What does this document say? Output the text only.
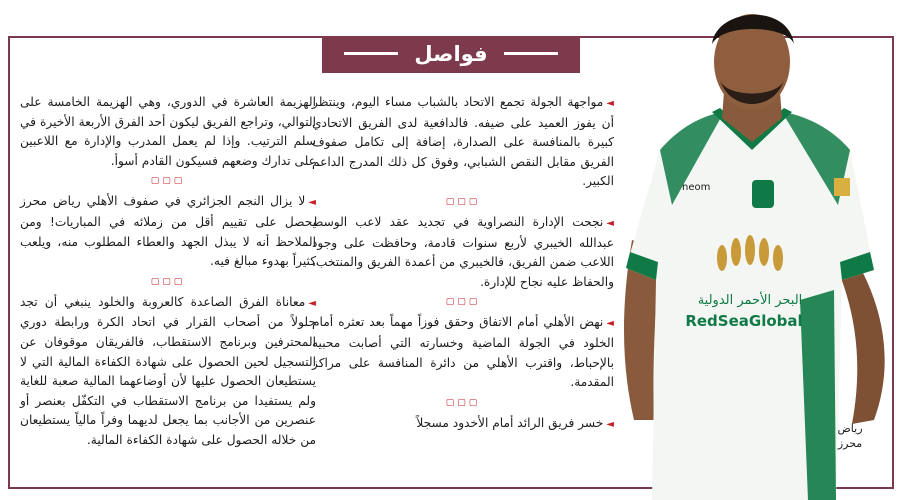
فواصل

◄مواجهة الجولة تجمع الاتحاد بالشباب مساء اليوم، وينتظر أن يفوز العميد على ضيفه. فالدافعية لدى الفريق الاتحادي كبيرة بالمنافسة على الصدارة، إضافة إلى تكامل صفوف الفريق مقابل النقص الشبابي، وفوق كل ذلك المدرج الداعم الكبير.

▢▢▢

◄نجحت الإدارة النصراوية في تجديد عقد لاعب الوسط عبدالله الخيبري لأربع سنوات قادمة، وحافظت على وجود اللاعب ضمن الفريق، فالخيبري من أعمدة الفريق والمنتخب، والحفاظ عليه نجاح للإدارة.

▢▢▢

◄نهض الأهلي أمام الاتفاق وحقق فوزاً مهماً بعد تعثره أمام الخلود في الجولة الماضية وخسارته التي أصابت محبيه بالإحباط، واقترب الأهلي من دائرة المنافسة على مراكز المقدمة.

▢▢▢

◄خسر فريق الرائد أمام الأخدود مسجلاً

الهزيمة العاشرة في الدوري، وهي الهزيمة الخامسة على التوالي، وتراجع الفريق ليكون أحد الفرق الأربعة الأخيرة في سلم الترتيب. وإذا لم يعمل المدرب والإدارة مع اللاعبين على تدارك وضعهم فسيكون القادم أسوأ.

▢▢▢

◄لا يزال النجم الجزائري في صفوف الأهلي رياض محرز يحصل على تقييم أقل من زملائه في المباريات! ومن الملاحظ أنه لا يبذل الجهد والعطاء المطلوب منه، ويلعب كثيراً بهدوء مبالغ فيه.

▢▢▢

◄معاناة الفرق الصاعدة كالعروبة والخلود ينبغي أن تجد حلولاً من أصحاب القرار في اتحاد الكرة ورابطة دوري المحترفين وبرنامج الاستقطاب، فالفريقان موقوفان عن التسجيل لحين الحصول على شهادة الكفاءة المالية التي لا يستطيعان الحصول عليها لأن أوضاعهما المالية صعبة للغاية ولم يستفيدا من برنامج الاستقطاب في التكفّل بعنصر أو عنصرين من الأجانب بما يجعل لديهما وفراً مالياً يستطيعان من خلاله الحصول على شهادة الكفاءة المالية.

البحر الأحمر الدولية
RedSeaGlobal
neom
رياض
محرز
